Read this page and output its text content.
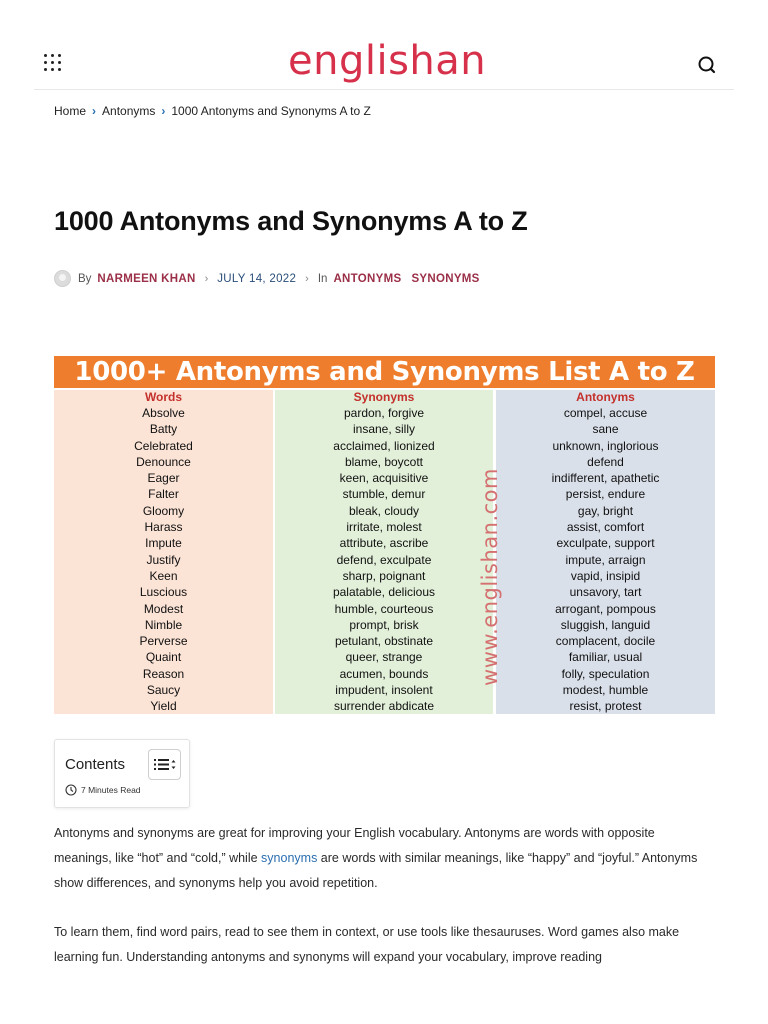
englishan
Home › Antonyms › 1000 Antonyms and Synonyms A to Z
1000 Antonyms and Synonyms A to Z
By NARMEEN KHAN › JULY 14, 2022 › In ANTONYMS SYNONYMS
1000+ Antonyms and Synonyms List A to Z
Words
Absolve
Batty
Celebrated
Denounce
Eager
Falter
Gloomy
Harass
Impute
Justify
Keen
Luscious
Modest
Nimble
Perverse
Quaint
Reason
Saucy
Yield
Synonyms
pardon, forgive
insane, silly
acclaimed, lionized
blame, boycott
keen, acquisitive
stumble, demur
bleak, cloudy
irritate, molest
attribute, ascribe
defend, exculpate
sharp, poignant
palatable, delicious
humble, courteous
prompt, brisk
petulant, obstinate
queer, strange
acumen, bounds
impudent, insolent
surrender abdicate
Antonyms
compel, accuse
sane
unknown, inglorious
defend
indifferent, apathetic
persist, endure
gay, bright
assist, comfort
exculpate, support
impute, arraign
vapid, insipid
unsavory, tart
arrogant, pompous
sluggish, languid
complacent, docile
familiar, usual
folly, speculation
modest, humble
resist, protest
www.englishan.com
Contents
7 Minutes Read

Antonyms and synonyms are great for improving your English vocabulary. Antonyms are words with opposite meanings, like “hot” and “cold,” while synonyms are words with similar meanings, like “happy” and “joyful.” Antonyms show differences, and synonyms help you avoid repetition.

To learn them, find word pairs, read to see them in context, or use tools like thesauruses. Word games also make learning fun. Understanding antonyms and synonyms will expand your vocabulary, improve reading
